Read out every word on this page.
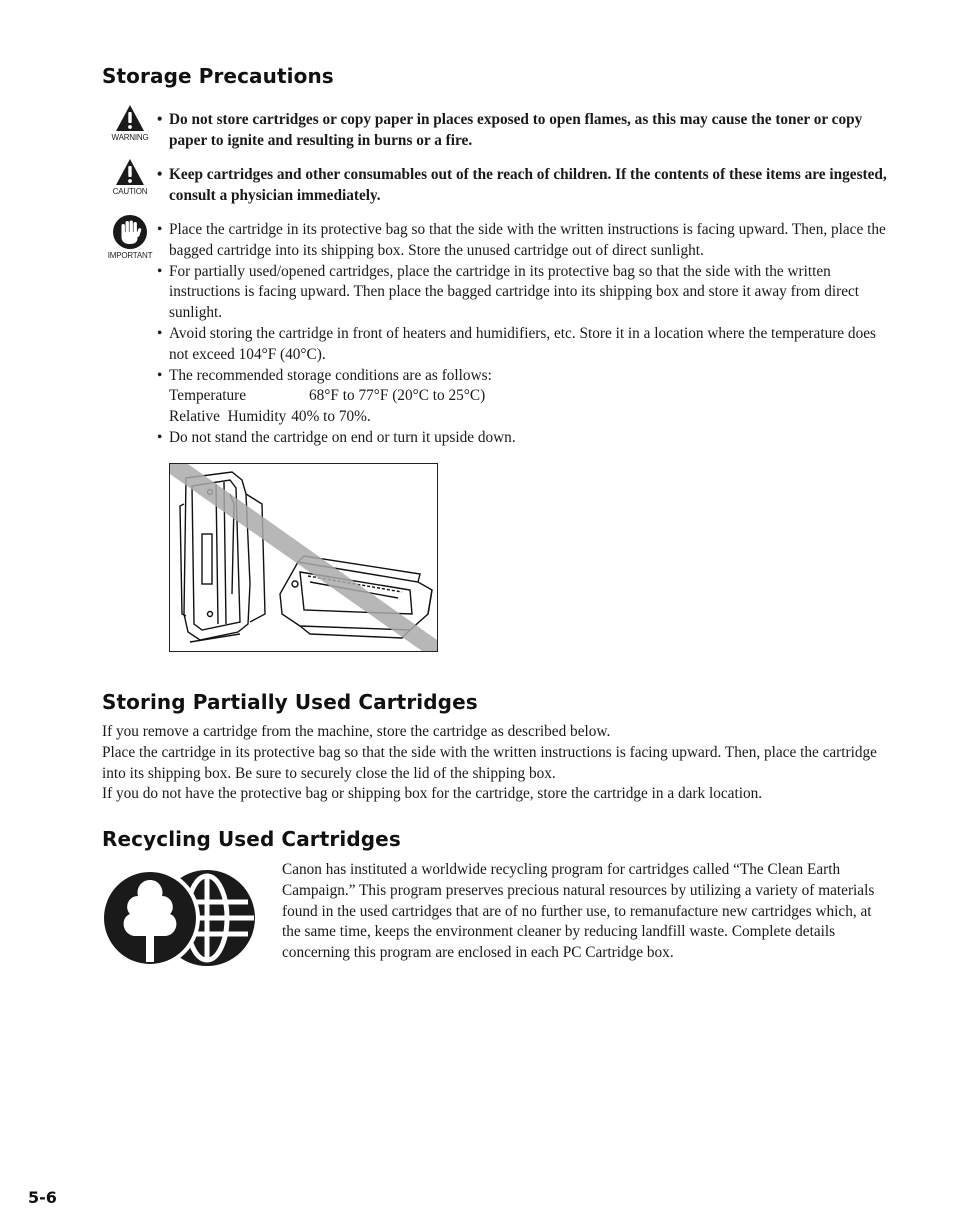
Storage Precautions
WARNING
• Do not store cartridges or copy paper in places exposed to open flames, as this may cause the toner or copy paper to ignite and resulting in burns or a fire.
CAUTION
• Keep cartridges and other consumables out of the reach of children. If the contents of these items are ingested, consult a physician immediately.
IMPORTANT
• Place the cartridge in its protective bag so that the side with the written instructions is facing upward. Then, place the bagged cartridge into its shipping box. Store the unused cartridge out of direct sunlight.
• For partially used/opened cartridges, place the cartridge in its protective bag so that the side with the written instructions is facing upward. Then place the bagged cartridge into its shipping box and store it away from direct sunlight.
• Avoid storing the cartridge in front of heaters and humidifiers, etc. Store it in a location where the temperature does not exceed 104°F (40°C).
• The recommended storage conditions are as follows:
Temperature	68°F to 77°F (20°C to 25°C)
Relative  Humidity 40% to 70%.
• Do not stand the cartridge on end or turn it upside down.
Storing Partially Used Cartridges
If you remove a cartridge from the machine, store the cartridge as described below.
Place the cartridge in its protective bag so that the side with the written instructions is facing upward. Then, place the cartridge into its shipping box. Be sure to securely close the lid of the shipping box.
If you do not have the protective bag or shipping box for the cartridge, store the cartridge in a dark location.
Recycling Used Cartridges

Canon has instituted a worldwide recycling program for cartridges called “The Clean Earth Campaign.” This program preserves precious natural resources by utilizing a variety of materials found in the used cartridges that are of no further use, to remanufacture new cartridges which, at the same time, keeps the environment cleaner by reducing landfill waste. Complete details concerning this program are enclosed in each PC Cartridge box.

5-6
